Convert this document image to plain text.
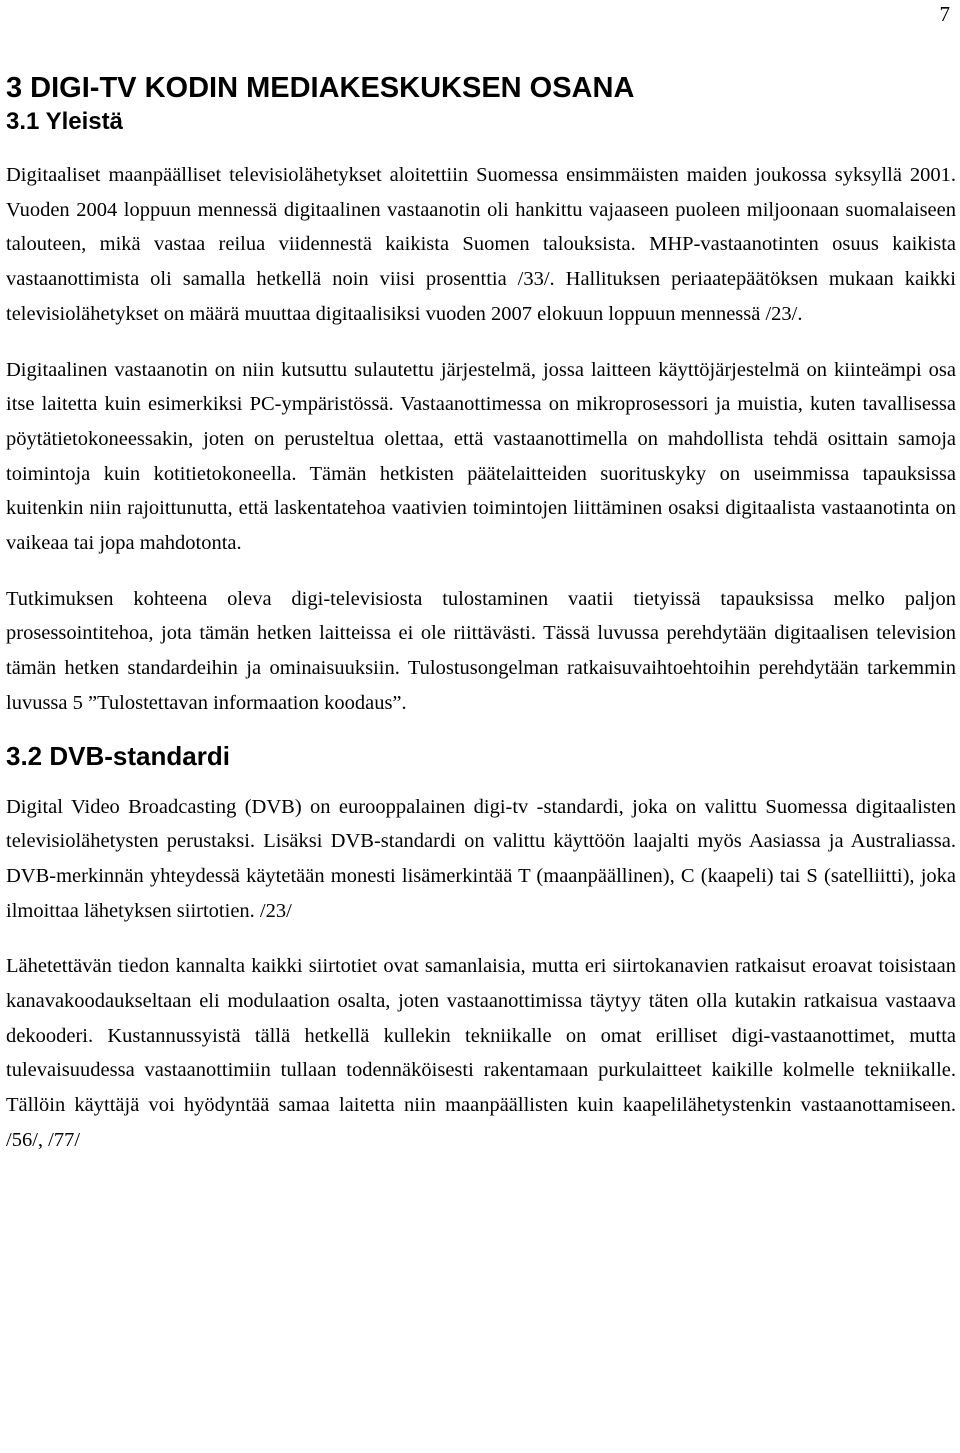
7
3 DIGI-TV KODIN MEDIAKESKUKSEN OSANA
3.1 Yleistä

Digitaaliset maanpäälliset televisiolähetykset aloitettiin Suomessa ensimmäisten maiden joukossa syksyllä 2001. Vuoden 2004 loppuun mennessä digitaalinen vastaanotin oli hankittu vajaaseen puoleen miljoonaan suomalaiseen talouteen, mikä vastaa reilua viidennestä kaikista Suomen talouksista. MHP-vastaanotinten osuus kaikista vastaanottimista oli samalla hetkellä noin viisi prosenttia /33/. Hallituksen periaatepäätöksen mukaan kaikki televisiolähetykset on määrä muuttaa digitaalisiksi vuoden 2007 elokuun loppuun mennessä /23/.

Digitaalinen vastaanotin on niin kutsuttu sulautettu järjestelmä, jossa laitteen käyttöjärjestelmä on kiinteämpi osa itse laitetta kuin esimerkiksi PC-ympäristössä. Vastaanottimessa on mikroprosessori ja muistia, kuten tavallisessa pöytätietokoneessakin, joten on perusteltua olettaa, että vastaanottimella on mahdollista tehdä osittain samoja toimintoja kuin kotitietokoneella. Tämän hetkisten päätelaitteiden suorituskyky on useimmissa tapauksissa kuitenkin niin rajoittunutta, että laskentatehoa vaativien toimintojen liittäminen osaksi digitaalista vastaanotinta on vaikeaa tai jopa mahdotonta.

Tutkimuksen kohteena oleva digi-televisiosta tulostaminen vaatii tietyissä tapauksissa melko paljon prosessointitehoa, jota tämän hetken laitteissa ei ole riittävästi. Tässä luvussa perehdytään digitaalisen television tämän hetken standardeihin ja ominaisuuksiin. Tulostusongelman ratkaisuvaihtoehtoihin perehdytään tarkemmin luvussa 5 ”Tulostettavan informaation koodaus”.

3.2 DVB-standardi

Digital Video Broadcasting (DVB) on eurooppalainen digi-tv -standardi, joka on valittu Suomessa digitaalisten televisiolähetysten perustaksi. Lisäksi DVB-standardi on valittu käyttöön laajalti myös Aasiassa ja Australiassa. DVB-merkinnän yhteydessä käytetään monesti lisämerkintää T (maanpäällinen), C (kaapeli) tai S (satelliitti), joka ilmoittaa lähetyksen siirtotien. /23/

Lähetettävän tiedon kannalta kaikki siirtotiet ovat samanlaisia, mutta eri siirtokanavien ratkaisut eroavat toisistaan kanavakoodaukseltaan eli modulaation osalta, joten vastaanottimissa täytyy täten olla kutakin ratkaisua vastaava dekooderi. Kustannussyistä tällä hetkellä kullekin tekniikalle on omat erilliset digi-vastaanottimet, mutta tulevaisuudessa vastaanottimiin tullaan todennäköisesti rakentamaan purkulaitteet kaikille kolmelle tekniikalle. Tällöin käyttäjä voi hyödyntää samaa laitetta niin maanpäällisten kuin kaapelilähetystenkin vastaanottamiseen. /56/, /77/
